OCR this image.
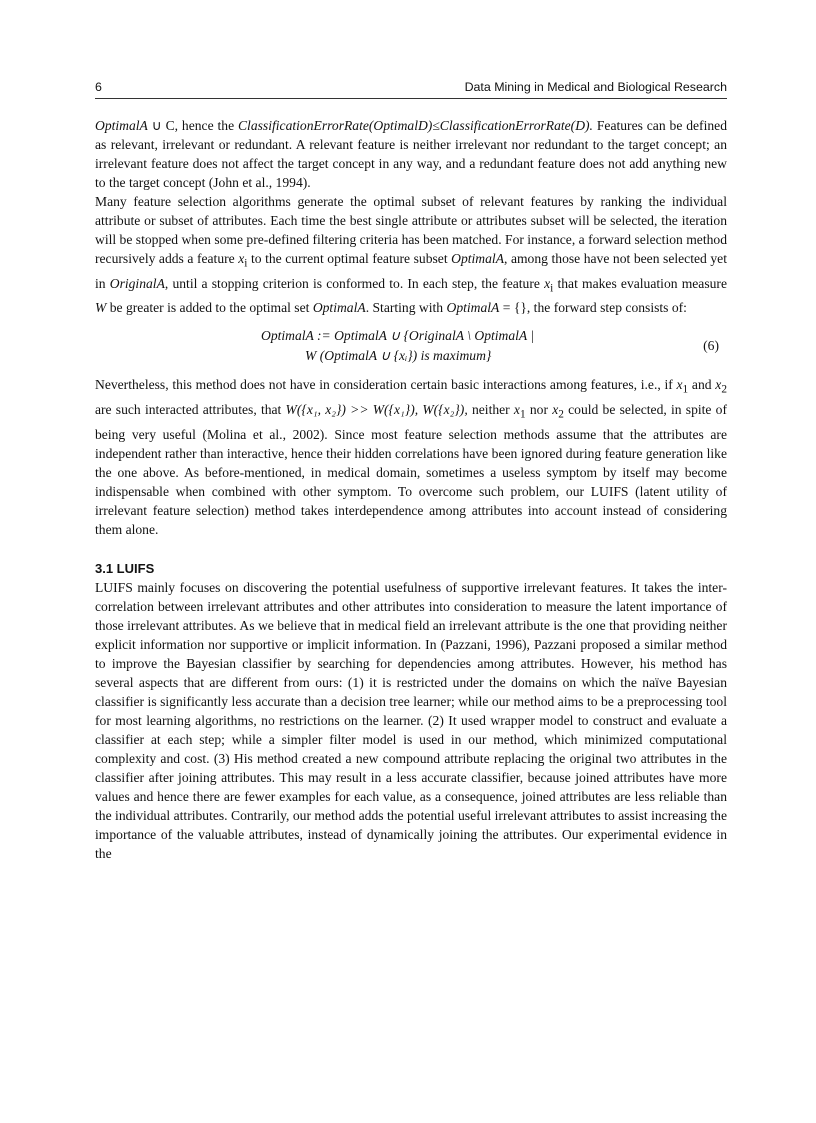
6	Data Mining in Medical and Biological Research

OptimalA ∪ C, hence the ClassificationErrorRate(OptimalD)≤ClassificationErrorRate(D). Features can be defined as relevant, irrelevant or redundant. A relevant feature is neither irrelevant nor redundant to the target concept; an irrelevant feature does not affect the target concept in any way, and a redundant feature does not add anything new to the target concept (John et al., 1994).

Many feature selection algorithms generate the optimal subset of relevant features by ranking the individual attribute or subset of attributes. Each time the best single attribute or attributes subset will be selected, the iteration will be stopped when some pre-defined filtering criteria has been matched. For instance, a forward selection method recursively adds a feature $x_i$ to the current optimal feature subset OptimalA, among those have not been selected yet in OriginalA, until a stopping criterion is conformed to. In each step, the feature $x_i$ that makes evaluation measure W be greater is added to the optimal set OptimalA. Starting with OptimalA = {}, the forward step consists of:

OptimalA := OptimalA ∪ {OriginalA \ OptimalA |
W (OptimalA ∪ {xᵢ}) is maximum}
(6)

Nevertheless, this method does not have in consideration certain basic interactions among features, i.e., if $x_1$ and $x_2$ are such interacted attributes, that W({x₁, x₂}) >> W({x₁}), W({x₂}), neither $x_1$ nor $x_2$ could be selected, in spite of being very useful (Molina et al., 2002). Since most feature selection methods assume that the attributes are independent rather than interactive, hence their hidden correlations have been ignored during feature generation like the one above. As before-mentioned, in medical domain, sometimes a useless symptom by itself may become indispensable when combined with other symptom. To overcome such problem, our LUIFS (latent utility of irrelevant feature selection) method takes interdependence among attributes into account instead of considering them alone.

3.1 LUIFS

LUIFS mainly focuses on discovering the potential usefulness of supportive irrelevant features. It takes the inter-correlation between irrelevant attributes and other attributes into consideration to measure the latent importance of those irrelevant attributes. As we believe that in medical field an irrelevant attribute is the one that providing neither explicit information nor supportive or implicit information. In (Pazzani, 1996), Pazzani proposed a similar method to improve the Bayesian classifier by searching for dependencies among attributes. However, his method has several aspects that are different from ours: (1) it is restricted under the domains on which the naïve Bayesian classifier is significantly less accurate than a decision tree learner; while our method aims to be a preprocessing tool for most learning algorithms, no restrictions on the learner. (2) It used wrapper model to construct and evaluate a classifier at each step; while a simpler filter model is used in our method, which minimized computational complexity and cost. (3) His method created a new compound attribute replacing the original two attributes in the classifier after joining attributes. This may result in a less accurate classifier, because joined attributes have more values and hence there are fewer examples for each value, as a consequence, joined attributes are less reliable than the individual attributes. Contrarily, our method adds the potential useful irrelevant attributes to assist increasing the importance of the valuable attributes, instead of dynamically joining the attributes. Our experimental evidence in the
